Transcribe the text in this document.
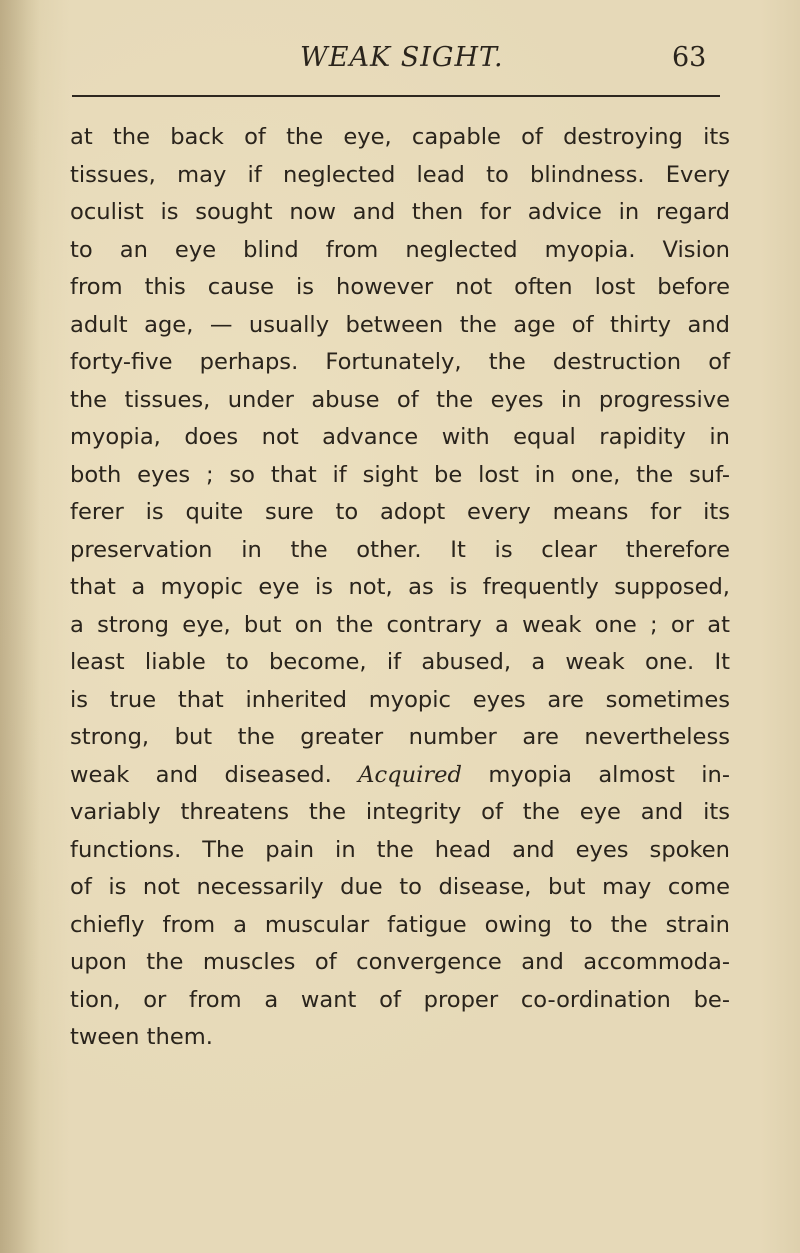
WEAK SIGHT.	63
at the back of the eye, capable of destroying its
tissues, may if neglected lead to blindness. Every
oculist is sought now and then for advice in regard
to an eye blind from neglected myopia. Vision
from this cause is however not often lost before
adult age, — usually between the age of thirty and
forty-five perhaps. Fortunately, the destruction of
the tissues, under abuse of the eyes in progressive
myopia, does not advance with equal rapidity in
both eyes ; so that if sight be lost in one, the suf-
ferer is quite sure to adopt every means for its
preservation in the other. It is clear therefore
that a myopic eye is not, as is frequently supposed,
a strong eye, but on the contrary a weak one ; or at
least liable to become, if abused, a weak one. It
is true that inherited myopic eyes are sometimes
strong, but the greater number are nevertheless
weak and diseased. Acquired myopia almost in-
variably threatens the integrity of the eye and its
functions. The pain in the head and eyes spoken
of is not necessarily due to disease, but may come
chiefly from a muscular fatigue owing to the strain
upon the muscles of convergence and accommoda-
tion, or from a want of proper co-ordination be-
tween them.
